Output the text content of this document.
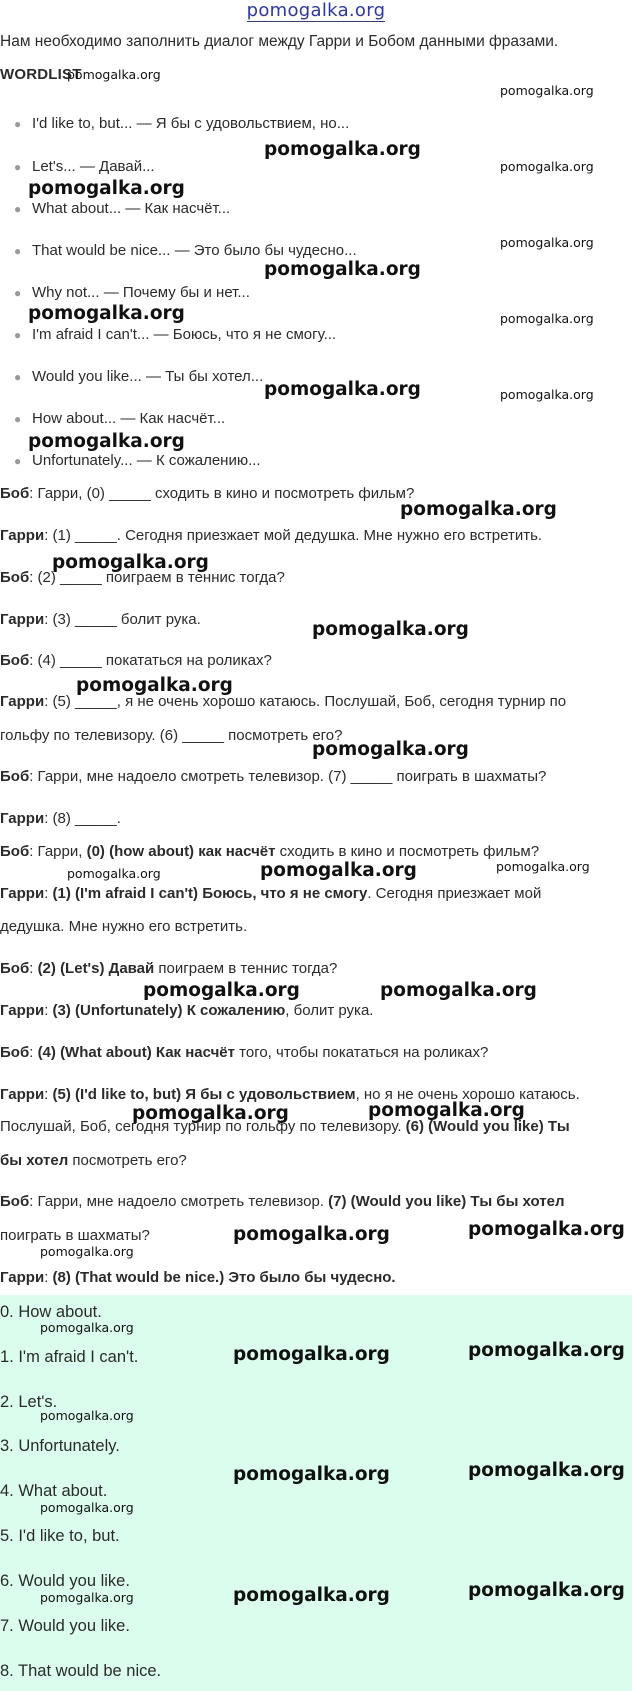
pomogalka.org
Нам необходимо заполнить диалог между Гарри и Бобом данными фразами.
WORDLIST
● I'd like to, but... — Я бы с удовольствием, но...
● Let's... — Давай...
● What about... — Как насчёт...
● That would be nice... — Это было бы чудесно...
● Why not... — Почему бы и нет...
● I'm afraid I can't... — Боюсь, что я не смогу...
● Would you like... — Ты бы хотел...
● How about... — Как насчёт...
● Unfortunately... — К сожалению...
Боб: Гарри, (0) _____ сходить в кино и посмотреть фильм?
Гарри: (1) _____. Сегодня приезжает мой дедушка. Мне нужно его встретить.
Боб: (2) _____ поиграем в теннис тогда?
Гарри: (3) _____ болит рука.
Боб: (4) _____ покататься на роликах?
Гарри: (5) _____, я не очень хорошо катаюсь. Послушай, Боб, сегодня турнир по
гольфу по телевизору. (6) _____ посмотреть его?
Боб: Гарри, мне надоело смотреть телевизор. (7) _____ поиграть в шахматы?
Гарри: (8) _____.
Боб: Гарри, (0) (how about) как насчёт сходить в кино и посмотреть фильм?
Гарри: (1) (I'm afraid I can't) Боюсь, что я не смогу. Сегодня приезжает мой
дедушка. Мне нужно его встретить.
Боб: (2) (Let's) Давай поиграем в теннис тогда?
Гарри: (3) (Unfortunately) К сожалению, болит рука.
Боб: (4) (What about) Как насчёт того, чтобы покататься на роликах?
Гарри: (5) (I'd like to, but) Я бы с удовольствием, но я не очень хорошо катаюсь.
Послушай, Боб, сегодня турнир по гольфу по телевизору. (6) (Would you like) Ты
бы хотел посмотреть его?
Боб: Гарри, мне надоело смотреть телевизор. (7) (Would you like) Ты бы хотел
поиграть в шахматы?
Гарри: (8) (That would be nice.) Это было бы чудесно.
0. How about.
1. I'm afraid I can't.
2. Let's.
3. Unfortunately.
4. What about.
5. I'd like to, but.
6. Would you like.
7. Would you like.
8. That would be nice.
pomogalka.org
pomogalka.org
pomogalka.org
pomogalka.org
pomogalka.org
pomogalka.org
pomogalka.org
pomogalka.org	pomogalka.org
pomogalka.org	pomogalka.org
pomogalka.org
pomogalka.org
pomogalka.org
pomogalka.org
pomogalka.org
pomogalka.org
pomogalka.org	pomogalka.org	pomogalka.org
pomogalka.org	pomogalka.org
pomogalka.org	pomogalka.org
pomogalka.org	pomogalka.org
pomogalka.org
pomogalka.org
pomogalka.org	pomogalka.org
pomogalka.org
pomogalka.org	pomogalka.org
pomogalka.org
pomogalka.org	pomogalka.org
pomogalka.org
